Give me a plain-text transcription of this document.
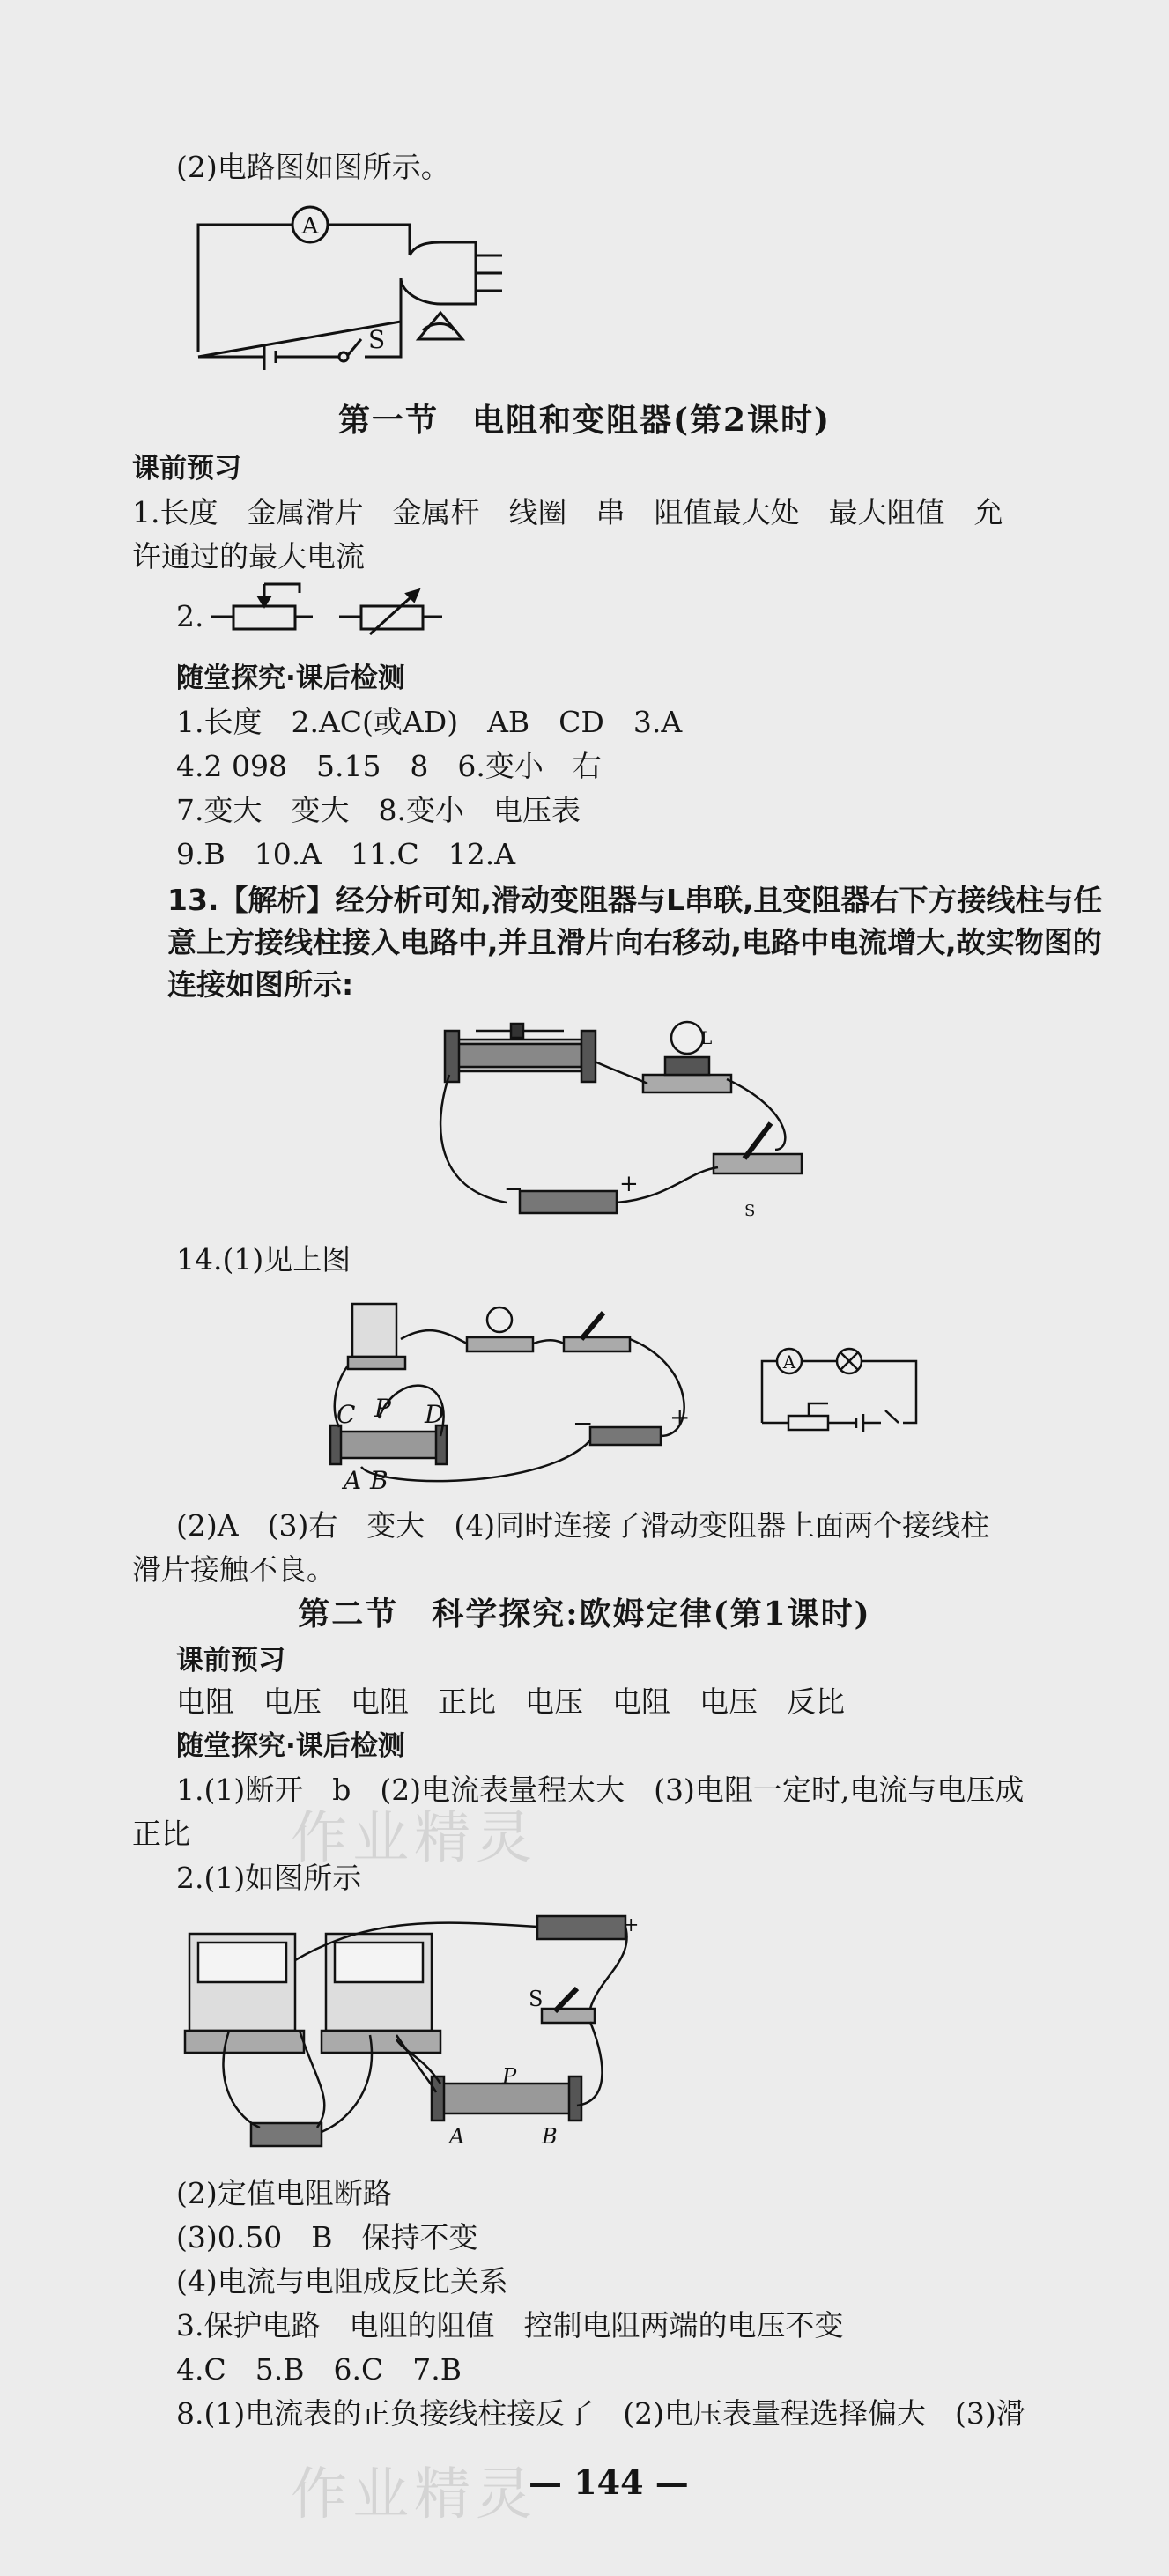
(2)电路图如图所示。
A
S
第一节　电阻和变阻器(第2课时)
课前预习
1.长度　金属滑片　金属杆　线圈　串　阻值最大处　最大阻值　允
许通过的最大电流
2.
随堂探究·课后检测
1.长度　2.AC(或AD)　AB　CD　3.A
4.2 098　5.15　8　6.变小　右
7.变大　变大　8.变小　电压表
9.B　10.A　11.C　12.A
13.【解析】经分析可知,滑动变阻器与L串联,且变阻器右下方接线柱与任意上方接线柱接入电路中,并且滑片向右移动,电路中电流增大,故实物图的连接如图所示:
L
−	+
S
14.(1)见上图
C P D
A B
−	+
A
(2)A　(3)右　变大　(4)同时连接了滑动变阻器上面两个接线柱
滑片接触不良。
第二节　科学探究:欧姆定律(第1课时)
课前预习
电阻　电压　电阻　正比　电压　电阻　电压　反比
随堂探究·课后检测
1.(1)断开　b　(2)电流表量程太大　(3)电阻一定时,电流与电压成
正比
2.(1)如图所示
S
P
A	B
+
(2)定值电阻断路
(3)0.50　B　保持不变
(4)电流与电阻成反比关系
3.保护电路　电阻的阻值　控制电阻两端的电压不变
4.C　5.B　6.C　7.B
8.(1)电流表的正负接线柱接反了　(2)电压表量程选择偏大　(3)滑
作业精灵
作业精灵
— 144 —
